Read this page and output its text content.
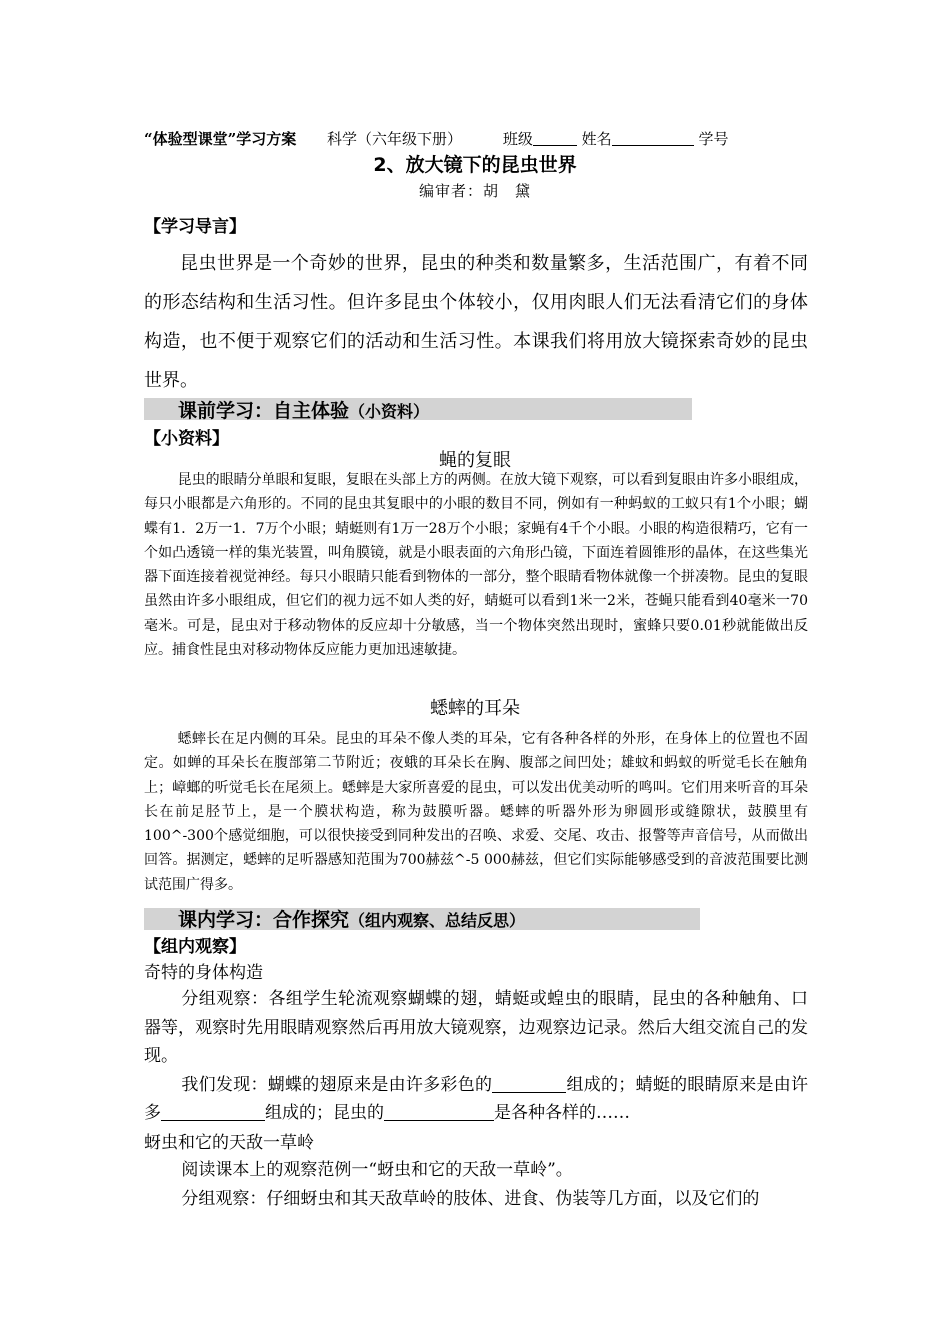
“体验型课堂”学习方案 科学（六年级下册）	班级	姓名	学号
2、放大镜下的昆虫世界
编审者：胡　黛
【学习导言】

昆虫世界是一个奇妙的世界，昆虫的种类和数量繁多，生活范围广，有着不同的形态结构和生活习性。但许多昆虫个体较小，仅用肉眼人们无法看清它们的身体构造，也不便于观察它们的活动和生活习性。本课我们将用放大镜探索奇妙的昆虫世界。

课前学习：自主体验（小资料）
【小资料】
蝇的复眼

昆虫的眼睛分单眼和复眼，复眼在头部上方的两侧。在放大镜下观察，可以看到复眼由许多小眼组成，每只小眼都是六角形的。不同的昆虫其复眼中的小眼的数目不同，例如有一种蚂蚁的工蚁只有1个小眼；蝴蝶有1．2万一1．7万个小眼；蜻蜓则有1万一28万个小眼；家蝇有4千个小眼。小眼的构造很精巧，它有一个如凸透镜一样的集光装置，叫角膜镜，就是小眼表面的六角形凸镜，下面连着圆锥形的晶体，在这些集光器下面连接着视觉神经。每只小眼睛只能看到物体的一部分，整个眼睛看物体就像一个拼凑物。昆虫的复眼虽然由许多小眼组成，但它们的视力远不如人类的好，蜻蜓可以看到1米一2米，苍蝇只能看到40毫米一70毫米。可是，昆虫对于移动物体的反应却十分敏感，当一个物体突然出现时，蜜蜂只要0.01秒就能做出反应。捕食性昆虫对移动物体反应能力更加迅速敏捷。

蟋蟀的耳朵

蟋蟀长在足内侧的耳朵。昆虫的耳朵不像人类的耳朵，它有各种各样的外形，在身体上的位置也不固定。如蝉的耳朵长在腹部第二节附近；夜蛾的耳朵长在胸、腹部之间凹处；雄蚊和蚂蚁的听觉毛长在触角上；嶂螂的听觉毛长在尾须上。蟋蟀是大家所喜爱的昆虫，可以发出优美动听的鸣叫。它们用来听音的耳朵长在前足胫节上，是一个膜状构造，称为鼓膜听器。蟋蟀的听器外形为卵圆形或缝隙状，鼓膜里有100^-300个感觉细胞，可以很快接受到同种发出的召唤、求爱、交尾、攻击、报警等声音信号，从而做出回答。据测定，蟋蟀的足听器感知范围为700赫兹^-5 000赫兹，但它们实际能够感受到的音波范围要比测试范围广得多。

课内学习：合作探究（组内观察、总结反思）
【组内观察】
奇特的身体构造

分组观察：各组学生轮流观察蝴蝶的翅，蜻蜓或蝗虫的眼睛，昆虫的各种触角、口器等，观察时先用眼睛观察然后再用放大镜观察，边观察边记录。然后大组交流自己的发现。

我们发现：蝴蝶的翅原来是由许多彩色的	组成的；蜻蜓的眼睛原来是由许多	组成的；昆虫的	是各种各样的……

蚜虫和它的天敌一草岭

阅读课本上的观察范例一“蚜虫和它的天敌一草岭”。

分组观察：仔细蚜虫和其天敌草岭的肢体、进食、伪装等几方面，以及它们的
